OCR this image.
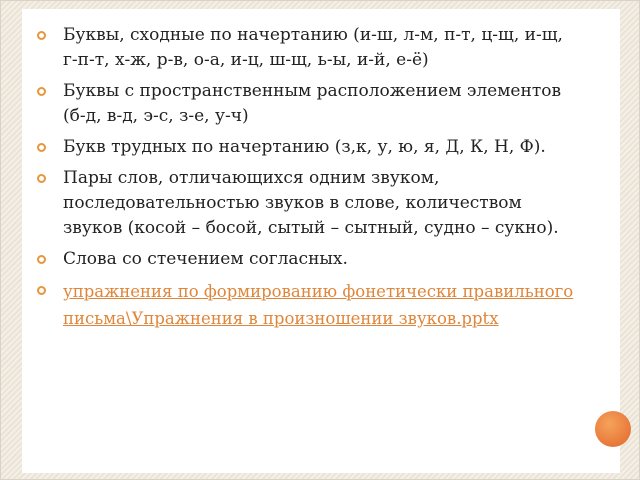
Буквы, сходные по начертанию (и-ш, л-м, п-т, ц-щ, и-щ, г-п-т, х-ж, р-в, о-а, и-ц, ш-щ, ь-ы, и-й, е-ё)
Буквы с пространственным расположением элементов (б-д, в-д, э-с, з-е, у-ч)
Букв трудных по начертанию (з,к, у, ю, я, Д, К, Н, Ф).
Пары слов, отличающихся одним звуком, последовательностью звуков в слове, количеством звуков (косой – босой, сытый – сытный, судно – сукно).
Слова со стечением согласных.
упражнения по формированию фонетически правильного письма\Упражнения в произношении звуков.pptx
